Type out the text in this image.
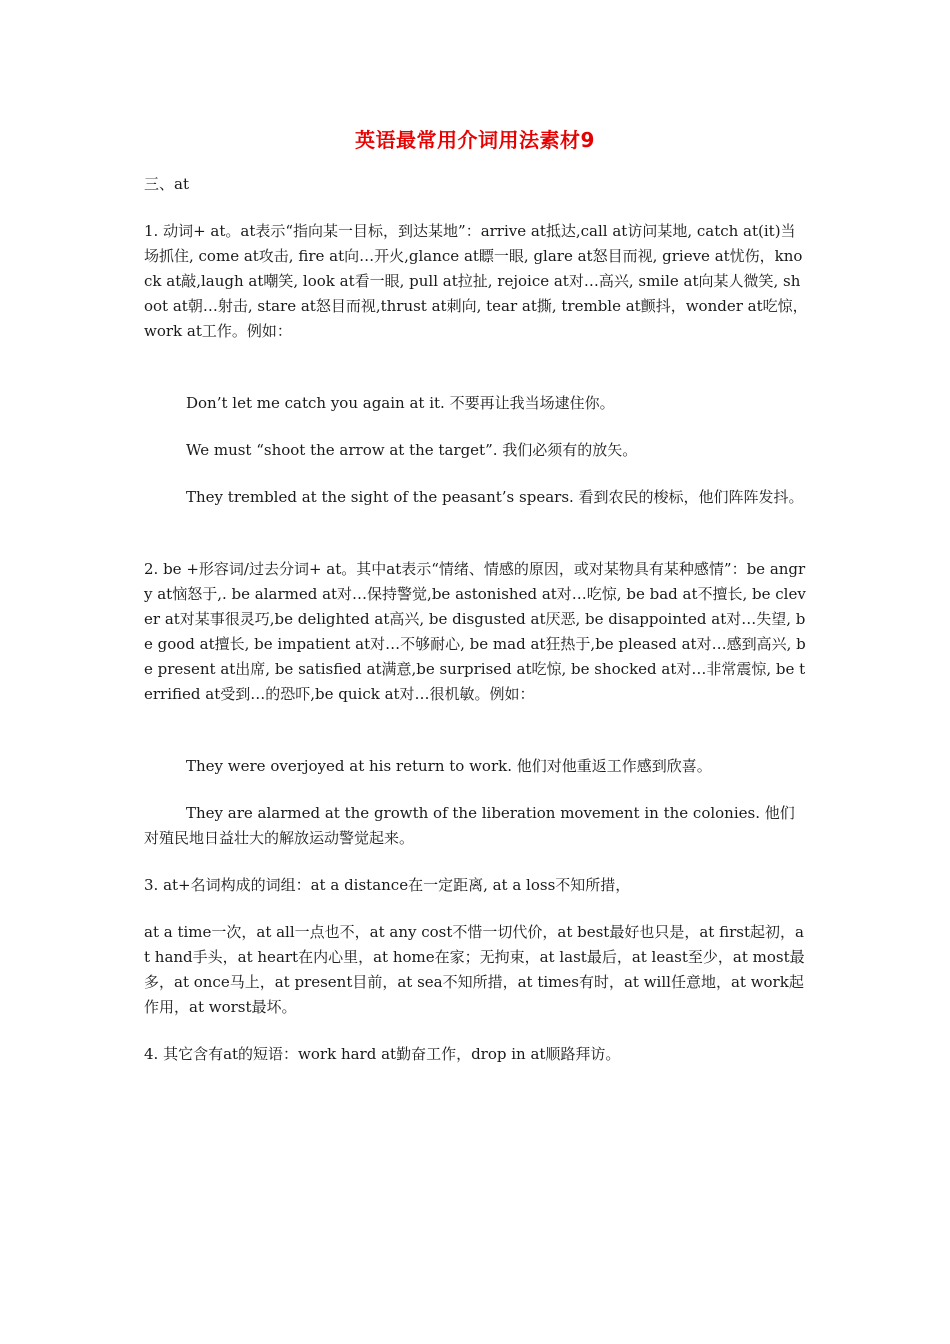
英语最常用介词用法素材9
三、at
1. 动词+ at。at表示“指向某一目标，到达某地”：arrive at抵达,call at访问某地, catch at(it)当场抓住, come at攻击, fire at向…开火,glance at瞟一眼, glare at怒目而视, grieve at忧伤，knock at敲,laugh at嘲笑, look at看一眼, pull at拉扯, rejoice at对…高兴, smile at向某人微笑, shoot at朝…射击, stare at怒目而视,thrust at刺向, tear at撕, tremble at颤抖，wonder at吃惊，work at工作。例如：
Don’t let me catch you again at it. 不要再让我当场逮住你。
We must “shoot the arrow at the target”. 我们必须有的放矢。
They trembled at the sight of the peasant’s spears. 看到农民的梭标，他们阵阵发抖。
2. be +形容词/过去分词+ at。其中at表示“情绪、情感的原因，或对某物具有某种感情”：be angry at恼怒于,. be alarmed at对…保持警觉,be astonished at对…吃惊, be bad at不擅长, be clever at对某事很灵巧,be delighted at高兴, be disgusted at厌恶, be disappointed at对…失望, be good at擅长, be impatient at对…不够耐心, be mad at狂热于,be pleased at对…感到高兴, be present at出席, be satisfied at满意,be surprised at吃惊, be shocked at对…非常震惊, be terrified at受到…的恐吓,be quick at对…很机敏。例如：
They were overjoyed at his return to work. 他们对他重返工作感到欣喜。
They are alarmed at the growth of the liberation movement in the colonies. 他们对殖民地日益壮大的解放运动警觉起来。
3. at+名词构成的词组：at a distance在一定距离, at a loss不知所措，
at a time一次，at all一点也不，at any cost不惜一切代价，at best最好也只是，at first起初，at hand手头，at heart在内心里，at home在家；无拘束，at last最后，at least至少，at most最多，at once马上，at present目前，at sea不知所措，at times有时，at will任意地，at work起作用，at worst最坏。
4. 其它含有at的短语：work hard at勤奋工作，drop in at顺路拜访。
